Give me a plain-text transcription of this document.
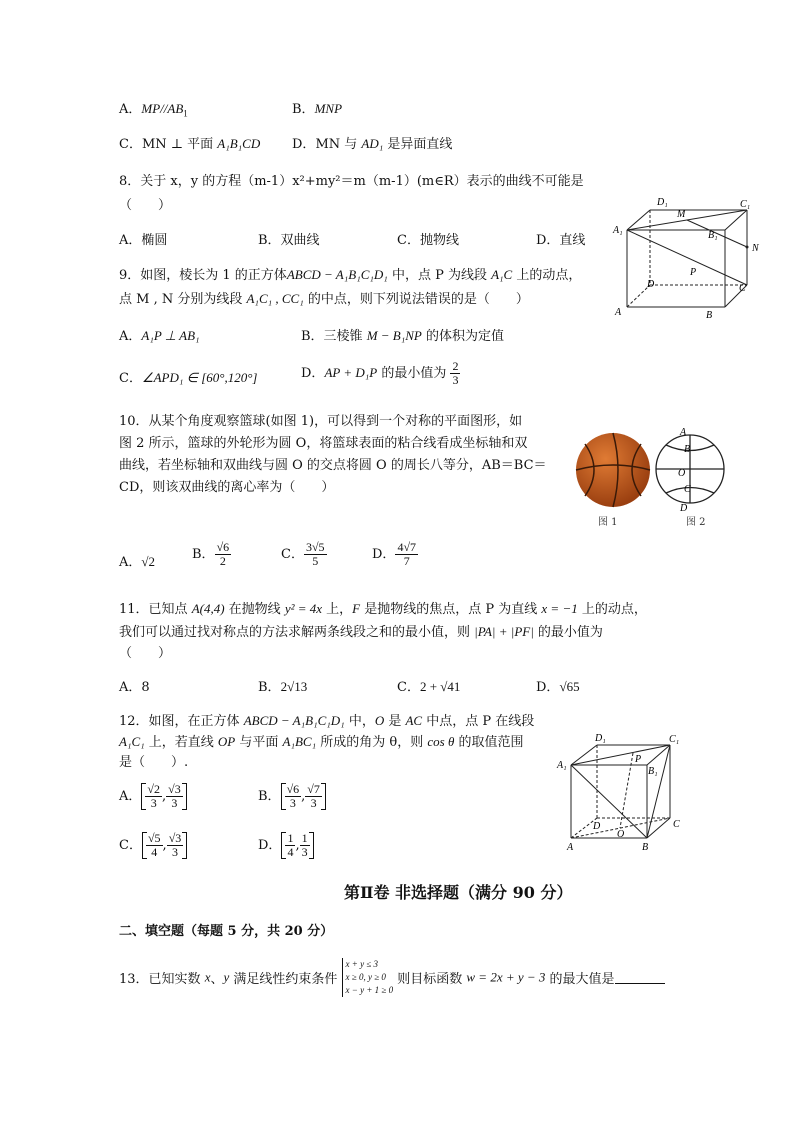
A．$MP//AB_1$	B．MNP
C．MN ⊥ 平面 A₁B₁CD D．MN 与 AD₁ 是异面直线
8．关于 x，y 的方程（m-1）x²+my²＝m（m-1）(m∈R）表示的曲线不可能是
（　　）
A．椭圆	B．双曲线	C．抛物线	D．直线
9．如图，棱长为 1 的正方体ABCD − A₁B₁C₁D₁ 中，点 P 为线段 A₁C 上的动点，
点 M , N 分别为线段 A₁C₁ , CC₁ 的中点，则下列说法错误的是（　　）
A．A₁P ⊥ AB₁	B．三棱锥 M − B₁NP 的体积为定值
C．∠APD₁ ∈ [60°,120°]	D．AP + D₁P 的最小值为 $\frac{2}{3}$
A₁
D₁
M
C₁
B₁
N
P
D	C
A	B
10．从某个角度观察篮球(如图 1)，可以得到一个对称的平面图形，如
图 2 所示，篮球的外轮形为圆 O，将篮球表面的粘合线看成坐标轴和双
曲线，若坐标轴和双曲线与圆 O 的交点将圆 O 的周长八等分，AB＝BC＝
CD，则该双曲线的离心率为（　　）
图 1
A
B
O
C
D
图 2
A．√2	B． $\frac{√6}{2}$	C． $\frac{3√5}{5}$	D． $\frac{4√7}{7}$
11．已知点 A(4,4) 在抛物线 y² = 4x 上，F 是抛物线的焦点，点 P 为直线 x = −1 上的动点，
我们可以通过找对称点的方法求解两条线段之和的最小值，则 |PA| + |PF| 的最小值为
（　　）
A．8	B．2√13	C．2 + √41	D．√65
12．如图，在正方体 ABCD − A₁B₁C₁D₁ 中，O 是 AC 中点，点 P 在线段
A₁C₁ 上，若直线 OP 与平面 A₁BC₁ 所成的角为 θ，则 cos θ 的取值范围
是（　　）.
A． $\frac{√2}{3}$ , $\frac{√3}{3}$	B． $\frac{√6}{3}$ , $\frac{√7}{3}$
C． $\frac{√5}{4}$ , $\frac{√3}{3}$	D． $\frac{1}{4}$ , $\frac{1}{3}$
A₁
D₁
P
C₁
B₁
D
O
C
A	B
第Ⅱ卷 非选择题（满分 90 分）
二、填空题（每题 5 分，共 20 分）
13．已知实数 x、y 满足线性约束条件
x + y ≤ 3
x ≥ 0, y ≥ 0
x − y + 1 ≥ 0
则目标函数 w = 2x + y − 3 的最大值是
